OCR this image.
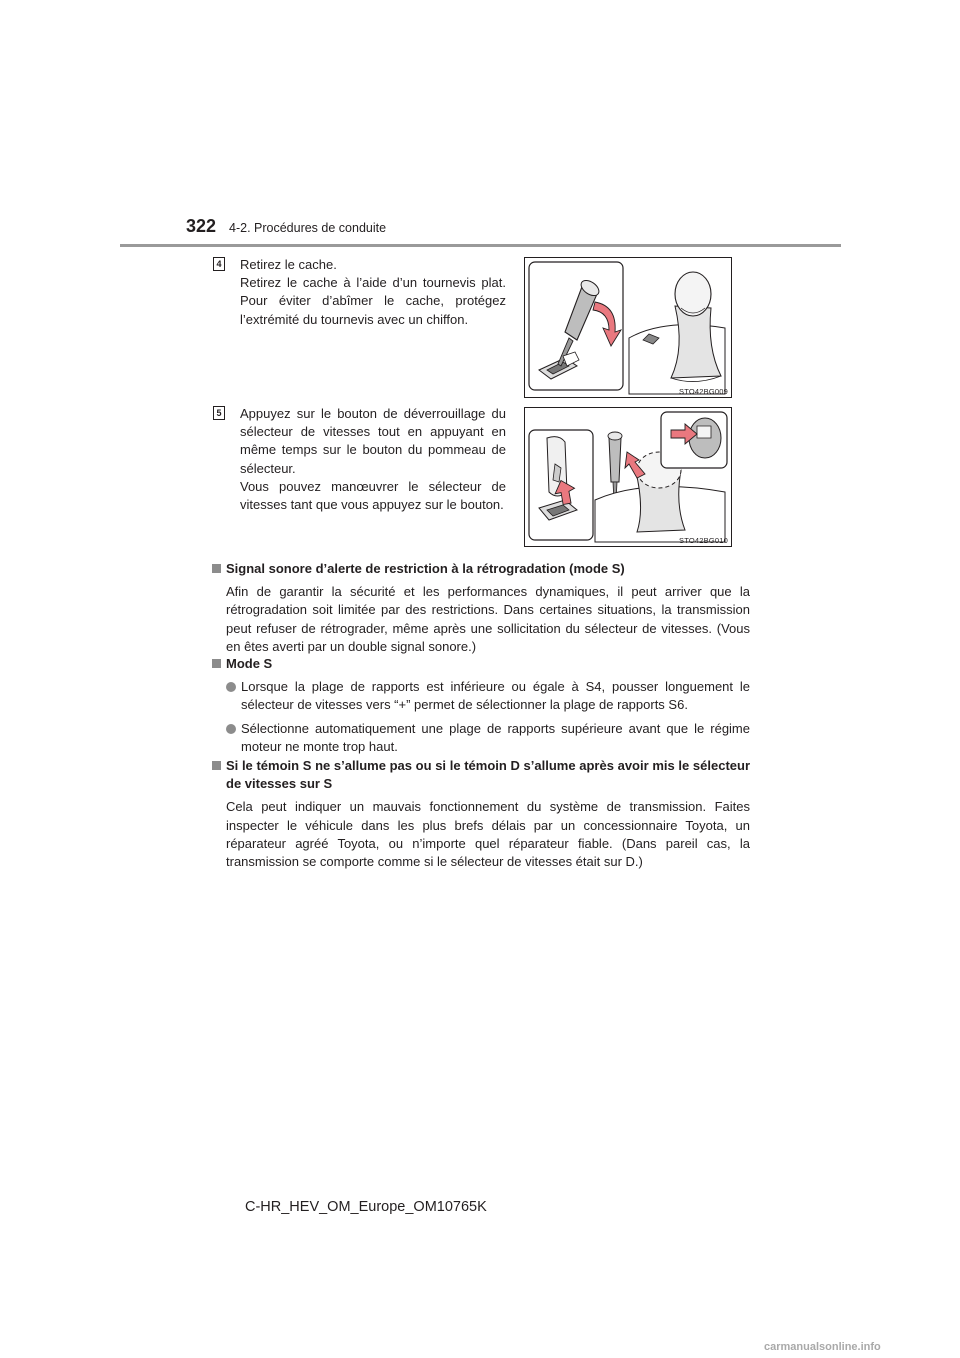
322 4-2. Procédures de conduite
4 Retirez le cache.

Retirez le cache à l’aide d’un tournevis plat. Pour éviter d’abîmer le cache, protégez l’extrémité du tournevis avec un chiffon.

STO42BG009
5 Appuyez sur le bouton de déverrouillage du sélecteur de vitesses tout en appuyant en même temps sur le bouton du pommeau de sélecteur.

Vous pouvez manœuvrer le sélecteur de vitesses tant que vous appuyez sur le bouton.

STO42BG010
Signal sonore d’alerte de restriction à la rétrogradation (mode S)
Afin de garantir la sécurité et les performances dynamiques, il peut arriver que la rétrogradation soit limitée par des restrictions. Dans certaines situations, la transmission peut refuser de rétrograder, même après une sollicitation du sélecteur de vitesses. (Vous en êtes averti par un double signal sonore.)
Mode S
Lorsque la plage de rapports est inférieure ou égale à S4, pousser longuement le sélecteur de vitesses vers “+” permet de sélectionner la plage de rapports S6.
Sélectionne automatiquement une plage de rapports supérieure avant que le régime moteur ne monte trop haut.
Si le témoin S ne s’allume pas ou si le témoin D s’allume après avoir mis le sélecteur de vitesses sur S
Cela peut indiquer un mauvais fonctionnement du système de transmission. Faites inspecter le véhicule dans les plus brefs délais par un concessionnaire Toyota, un réparateur agréé Toyota, ou n’importe quel réparateur fiable. (Dans pareil cas, la transmission se comporte comme si le sélecteur de vitesses était sur D.)
C-HR_HEV_OM_Europe_OM10765K
carmanualsonline.info
